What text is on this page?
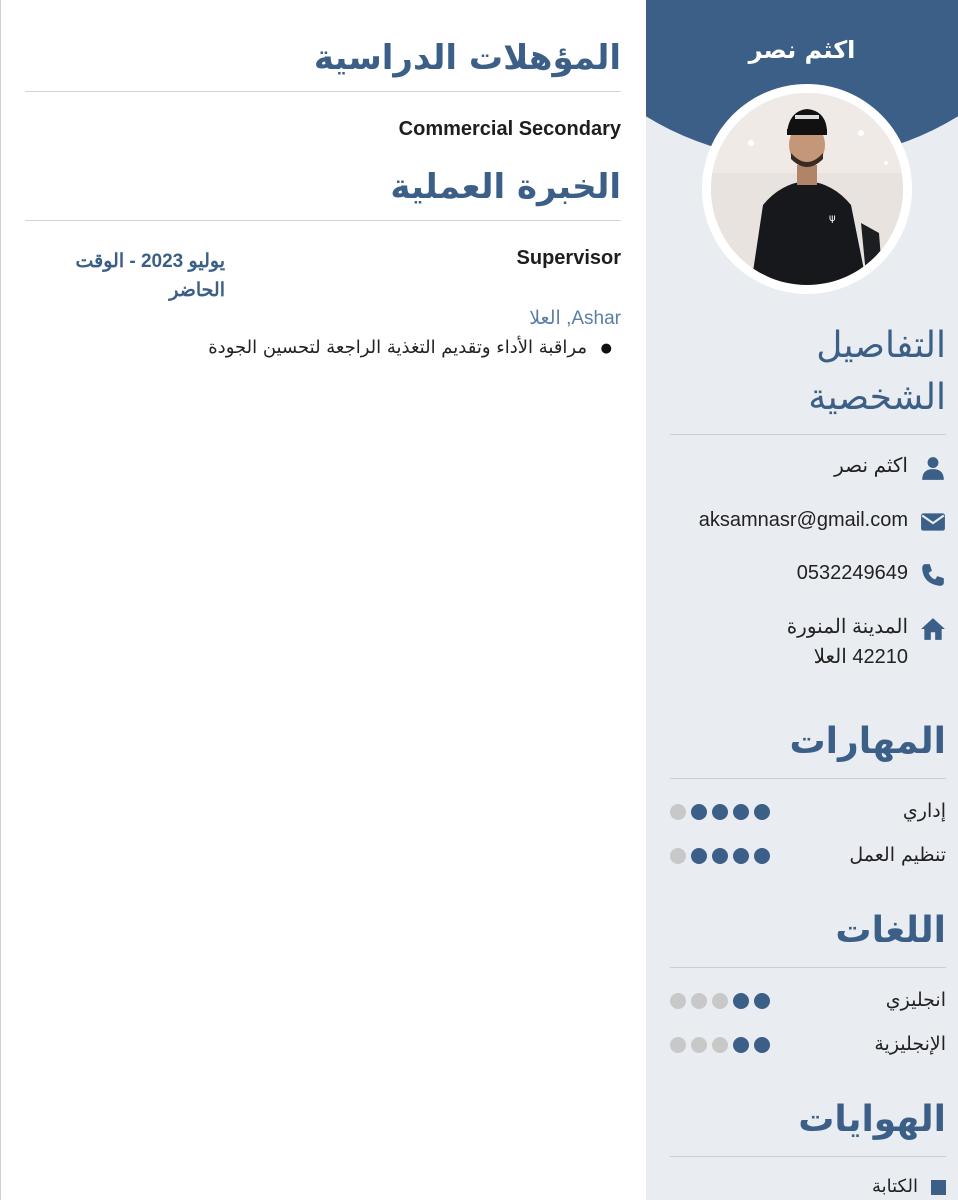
المؤهلات الدراسية
Commercial Secondary
الخبرة العملية
Supervisor
يوليو 2023 - الوقت
الحاضر
Ashar, العلا
● مراقبة الأداء وتقديم التغذية الراجعة لتحسين الجودة
اكثم نصر
ψ
التفاصيل
الشخصية
اكثم نصر
aksamnasr@gmail.com
0532249649
المدينة المنورة
42210 العلا
المهارات
إداري
تنظيم العمل
اللغات
انجليزي
الإنجليزية
الهوايات
الكتابة
